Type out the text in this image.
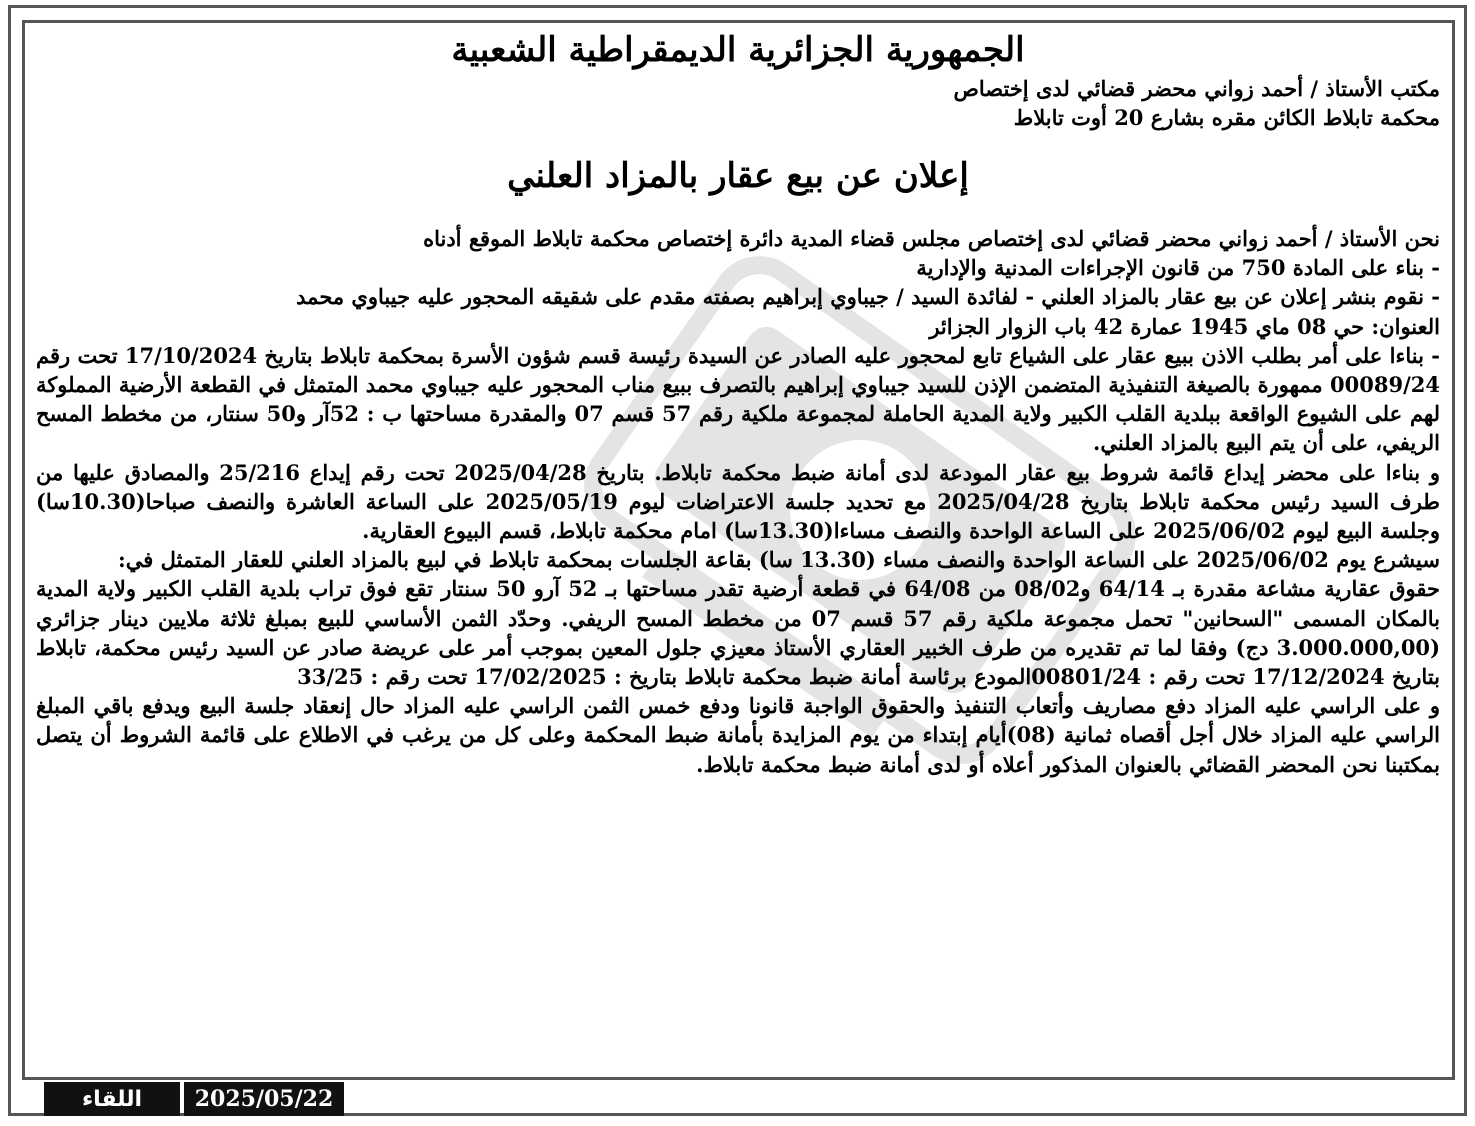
الجمهورية الجزائرية الديمقراطية الشعبية

مكتب الأستاذ / أحمد زواني محضر قضائي لدى إختصاص

محكمة تابلاط الكائن مقره بشارع 20 أوت تابلاط

إعلان عن بيع عقار بالمزاد العلني

نحن الأستاذ / أحمد زواني محضر قضائي لدى إختصاص مجلس قضاء المدية دائرة إختصاص محكمة تابلاط الموقع أدناه

- بناء على المادة 750 من قانون الإجراءات المدنية والإدارية

- نقوم بنشر إعلان عن بيع عقار بالمزاد العلني - لفائدة السيد / جيباوي إبراهيم بصفته مقدم على شقيقه المحجور عليه جيباوي محمد

العنوان: حي 08 ماي 1945 عمارة 42 باب الزوار الجزائر

- بناءا على أمر بطلب الاذن ببيع عقار على الشياع تابع لمحجور عليه الصادر عن السيدة رئيسة قسم شؤون الأسرة بمحكمة تابلاط بتاريخ 17/10/2024 تحت رقم 00089/24 ممهورة بالصيغة التنفيذية المتضمن الإذن للسيد جيباوي إبراهيم بالتصرف ببيع مناب المحجور عليه جيباوي محمد المتمثل في القطعة الأرضية المملوكة لهم على الشيوع الواقعة ببلدية القلب الكبير ولاية المدية الحاملة لمجموعة ملكية رقم 57 قسم 07 والمقدرة مساحتها ب : 52آر و50 سنتار، من مخطط المسح الريفي، على أن يتم البيع بالمزاد العلني.

و بناءا على محضر إيداع قائمة شروط بيع عقار المودعة لدى أمانة ضبط محكمة تابلاط. بتاريخ 2025/04/28 تحت رقم إيداع 25/216 والمصادق عليها من طرف السيد رئيس محكمة تابلاط بتاريخ 2025/04/28 مع تحديد جلسة الاعتراضات ليوم 2025/05/19 على الساعة العاشرة والنصف صباحا(10.30سا) وجلسة البيع ليوم 2025/06/02 على الساعة الواحدة والنصف مساءا(13.30سا) امام محكمة تابلاط، قسم البيوع العقارية.

سيشرع يوم 2025/06/02 على الساعة الواحدة والنصف مساء (13.30 سا) بقاعة الجلسات بمحكمة تابلاط في لبيع بالمزاد العلني للعقار المتمثل في:

حقوق عقارية مشاعة مقدرة بـ 64/14 و08/02 من 64/08 في قطعة أرضية تقدر مساحتها بـ 52 آرو 50 سنتار تقع فوق تراب بلدية القلب الكبير ولاية المدية بالمكان المسمى "السحانين" تحمل مجموعة ملكية رقم 57 قسم 07 من مخطط المسح الريفي. وحدّد الثمن الأساسي للبيع بمبلغ ثلاثة ملايين دينار جزائري (3.000.000,00 دج) وفقا لما تم تقديره من طرف الخبير العقاري الأستاذ معيزي جلول المعين بموجب أمر على عريضة صادر عن السيد رئيس محكمة، تابلاط بتاريخ 17/12/2024 تحت رقم : 00801/24المودع برئاسة أمانة ضبط محكمة تابلاط بتاريخ : 17/02/2025 تحت رقم : 33/25

و على الراسي عليه المزاد دفع مصاريف وأتعاب التنفيذ والحقوق الواجبة قانونا ودفع خمس الثمن الراسي عليه المزاد حال إنعقاد جلسة البيع ويدفع باقي المبلغ الراسي عليه المزاد خلال أجل أقصاه ثمانية (08)أيام إبتداء من يوم المزايدة بأمانة ضبط المحكمة وعلى كل من يرغب في الاطلاع على قائمة الشروط أن يتصل بمكتبنا نحن المحضر القضائي بالعنوان المذكور أعلاه أو لدى أمانة ضبط محكمة تابلاط.

اللقاء	2025/05/22
